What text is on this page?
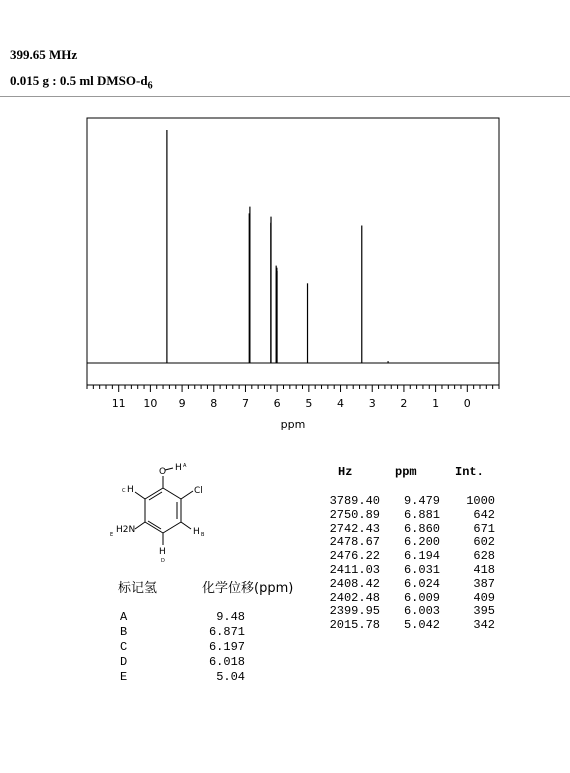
399.65 MHz
0.015 g : 0.5 ml DMSO-$d_6$
11 10 9 8 7 6 5 4 3 2 1 0
ppm
O H
Cl
H2N	H
H
H
A
B
C
D
E
标记氢	化学位移(ppm)
A	9.48
B	6.871
C	6.197
D	6.018
E	5.04
Hz	ppm	Int.
3789.40	9.479	1000
2750.89	6.881	642
2742.43	6.860	671
2478.67	6.200	602
2476.22	6.194	628
2411.03	6.031	418
2408.42	6.024	387
2402.48	6.009	409
2399.95	6.003	395
2015.78	5.042	342
